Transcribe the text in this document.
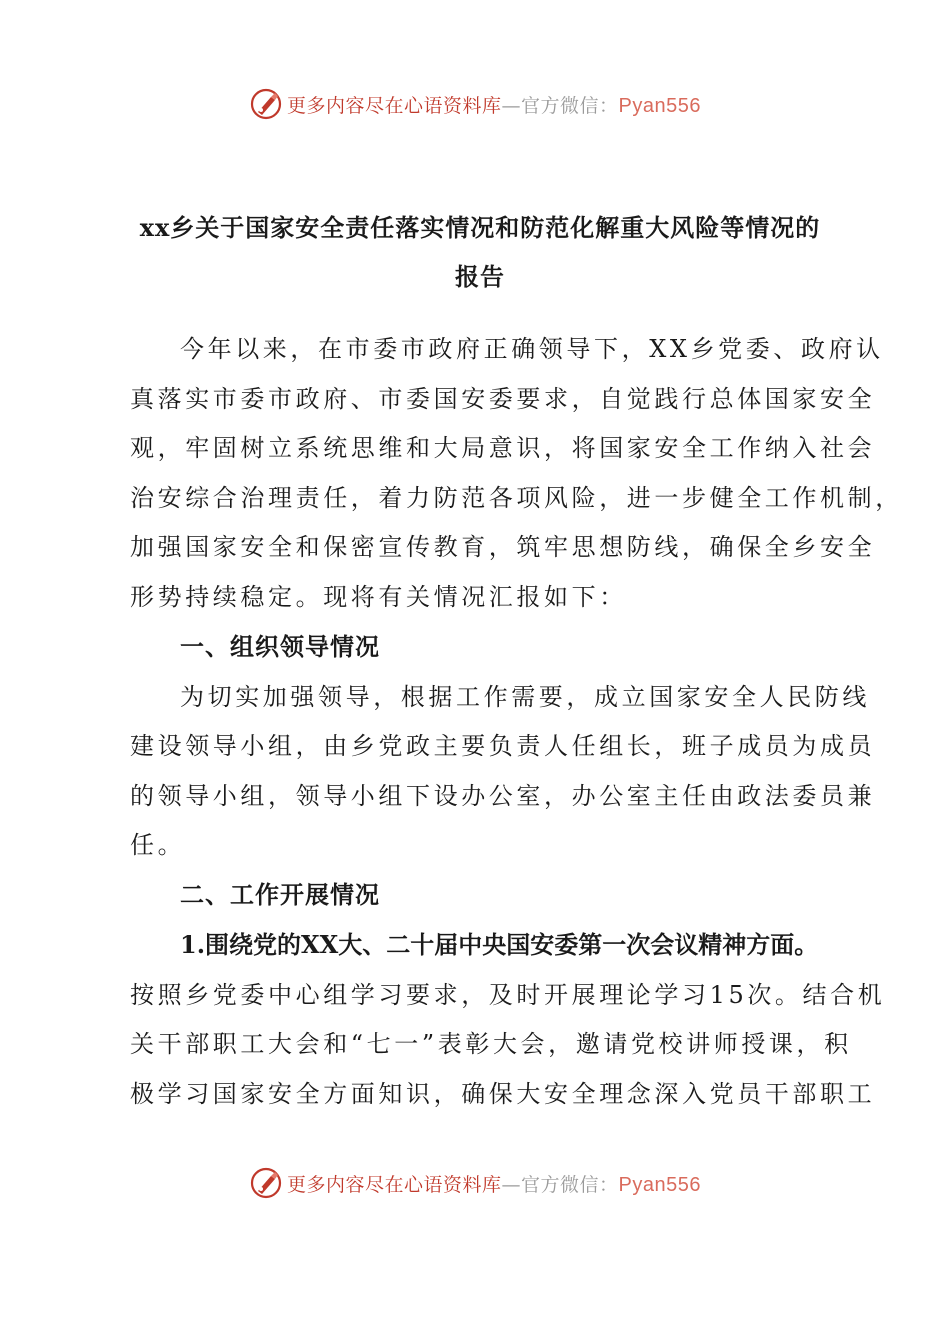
更多内容尽在心语资料库—官方微信：Pyan556
xx乡关于国家安全责任落实情况和防范化解重大风险等情况的
报告
今年以来，在市委市政府正确领导下，XX乡党委、政府认
真落实市委市政府、市委国安委要求，自觉践行总体国家安全
观，牢固树立系统思维和大局意识，将国家安全工作纳入社会
治安综合治理责任，着力防范各项风险，进一步健全工作机制，
加强国家安全和保密宣传教育，筑牢思想防线，确保全乡安全
形势持续稳定。现将有关情况汇报如下：
一、组织领导情况
为切实加强领导，根据工作需要，成立国家安全人民防线
建设领导小组，由乡党政主要负责人任组长，班子成员为成员
的领导小组，领导小组下设办公室，办公室主任由政法委员兼
任。
二、工作开展情况
1.围绕党的XX大、二十届中央国安委第一次会议精神方面。
按照乡党委中心组学习要求，及时开展理论学习15次。结合机
关干部职工大会和“七一”表彰大会，邀请党校讲师授课，积
极学习国家安全方面知识，确保大安全理念深入党员干部职工
更多内容尽在心语资料库—官方微信：Pyan556
